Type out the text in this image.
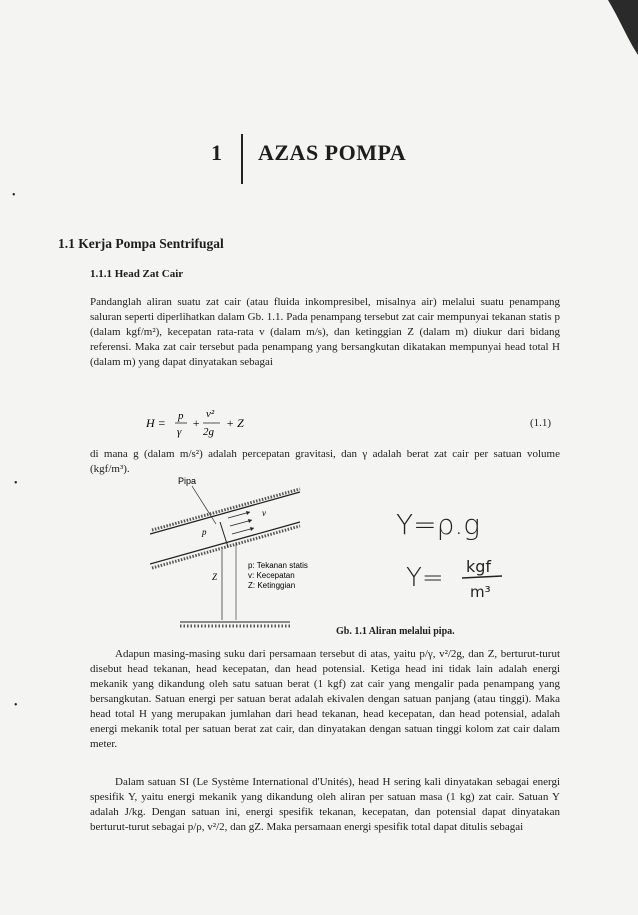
1 AZAS POMPA
1.1 Kerja Pompa Sentrifugal
1.1.1 Head Zat Cair
Pandanglah aliran suatu zat cair (atau fluida inkompresibel, misalnya air) melalui suatu penampang saluran seperti diperlihatkan dalam Gb. 1.1. Pada penampang tersebut zat cair mempunyai tekanan statis p (dalam kgf/m²), kecepatan rata-rata v (dalam m/s), dan ketinggian Z (dalam m) diukur dari bidang referensi. Maka zat cair tersebut pada penampang yang bersangkutan dikatakan mempunyai head total H (dalam m) yang dapat dinyatakan sebagai
H = p
γ
+
v²
2g
+ Z	(1.1)
di mana g (dalam m/s²) adalah percepatan gravitasi, dan γ adalah berat zat cair per satuan volume (kgf/m³).
Pipa
p
v
Z
p: Tekanan statis
v: Kecepatan
Z: Ketinggian
Y=ρ.g
Y= kgf
m³
Gb. 1.1 Aliran melalui pipa.
Adapun masing-masing suku dari persamaan tersebut di atas, yaitu p/γ, v²/2g, dan Z, berturut-turut disebut head tekanan, head kecepatan, dan head potensial. Ketiga head ini tidak lain adalah energi mekanik yang dikandung oleh satu satuan berat (1 kgf) zat cair yang mengalir pada penampang yang bersangkutan. Satuan energi per satuan berat adalah ekivalen dengan satuan panjang (atau tinggi). Maka head total H yang merupakan jumlahan dari head tekanan, head kecepatan, dan head potensial, adalah energi mekanik total per satuan berat zat cair, dan dinyatakan dengan satuan tinggi kolom zat cair dalam meter.
Dalam satuan SI (Le Système International d'Unités), head H sering kali dinyatakan sebagai energi spesifik Y, yaitu energi mekanik yang dikandung oleh aliran per satuan masa (1 kg) zat cair. Satuan Y adalah J/kg. Dengan satuan ini, energi spesifik tekanan, kecepatan, dan potensial dapat dinyatakan berturut-turut sebagai p/ρ, v²/2, dan gZ. Maka persamaan energi spesifik total dapat ditulis sebagai
•
•
•
